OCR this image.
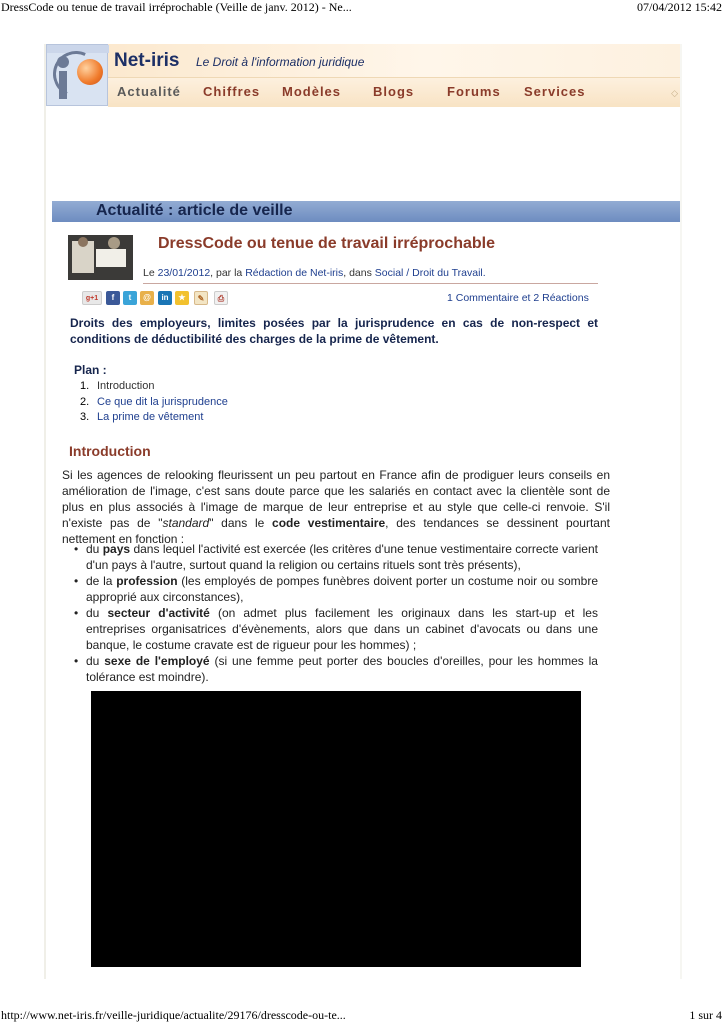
DressCode ou tenue de travail irréprochable (Veille de janv. 2012) - Ne...	07/04/2012 15:42
Net-iris Le Droit à l'information juridique
Actualité Chiffres Modèles Blogs	Forums Services	◇
Actualité : article de veille
DressCode ou tenue de travail irréprochable
Le 23/01/2012, par la Rédaction de Net-iris, dans Social / Droit du Travail.
g+1	f	t	@	in	★	✎	⎙	1 Commentaire et 2 Réactions
Droits des employeurs, limites posées par la jurisprudence en cas de non-respect et conditions de déductibilité des charges de la prime de vêtement.
Plan :
1. Introduction
2. Ce que dit la jurisprudence
3. La prime de vêtement
Introduction

Si les agences de relooking fleurissent un peu partout en France afin de prodiguer leurs conseils en amélioration de l'image, c'est sans doute parce que les salariés en contact avec la clientèle sont de plus en plus associés à l'image de marque de leur entreprise et au style que celle-ci renvoie. S'il n'existe pas de "standard" dans le code vestimentaire, des tendances se dessinent pourtant nettement en fonction :

• du pays dans lequel l'activité est exercée (les critères d'une tenue vestimentaire correcte varient d'un pays à l'autre, surtout quand la religion ou certains rituels sont très présents),
• de la profession (les employés de pompes funèbres doivent porter un costume noir ou sombre approprié aux circonstances),
• du secteur d'activité (on admet plus facilement les originaux dans les start-up et les entreprises organisatrices d'évènements, alors que dans un cabinet d'avocats ou dans une banque, le costume cravate est de rigueur pour les hommes) ;
• du sexe de l'employé (si une femme peut porter des boucles d'oreilles, pour les hommes la tolérance est moindre).
http://www.net-iris.fr/veille-juridique/actualite/29176/dresscode-ou-te...	1 sur 4
